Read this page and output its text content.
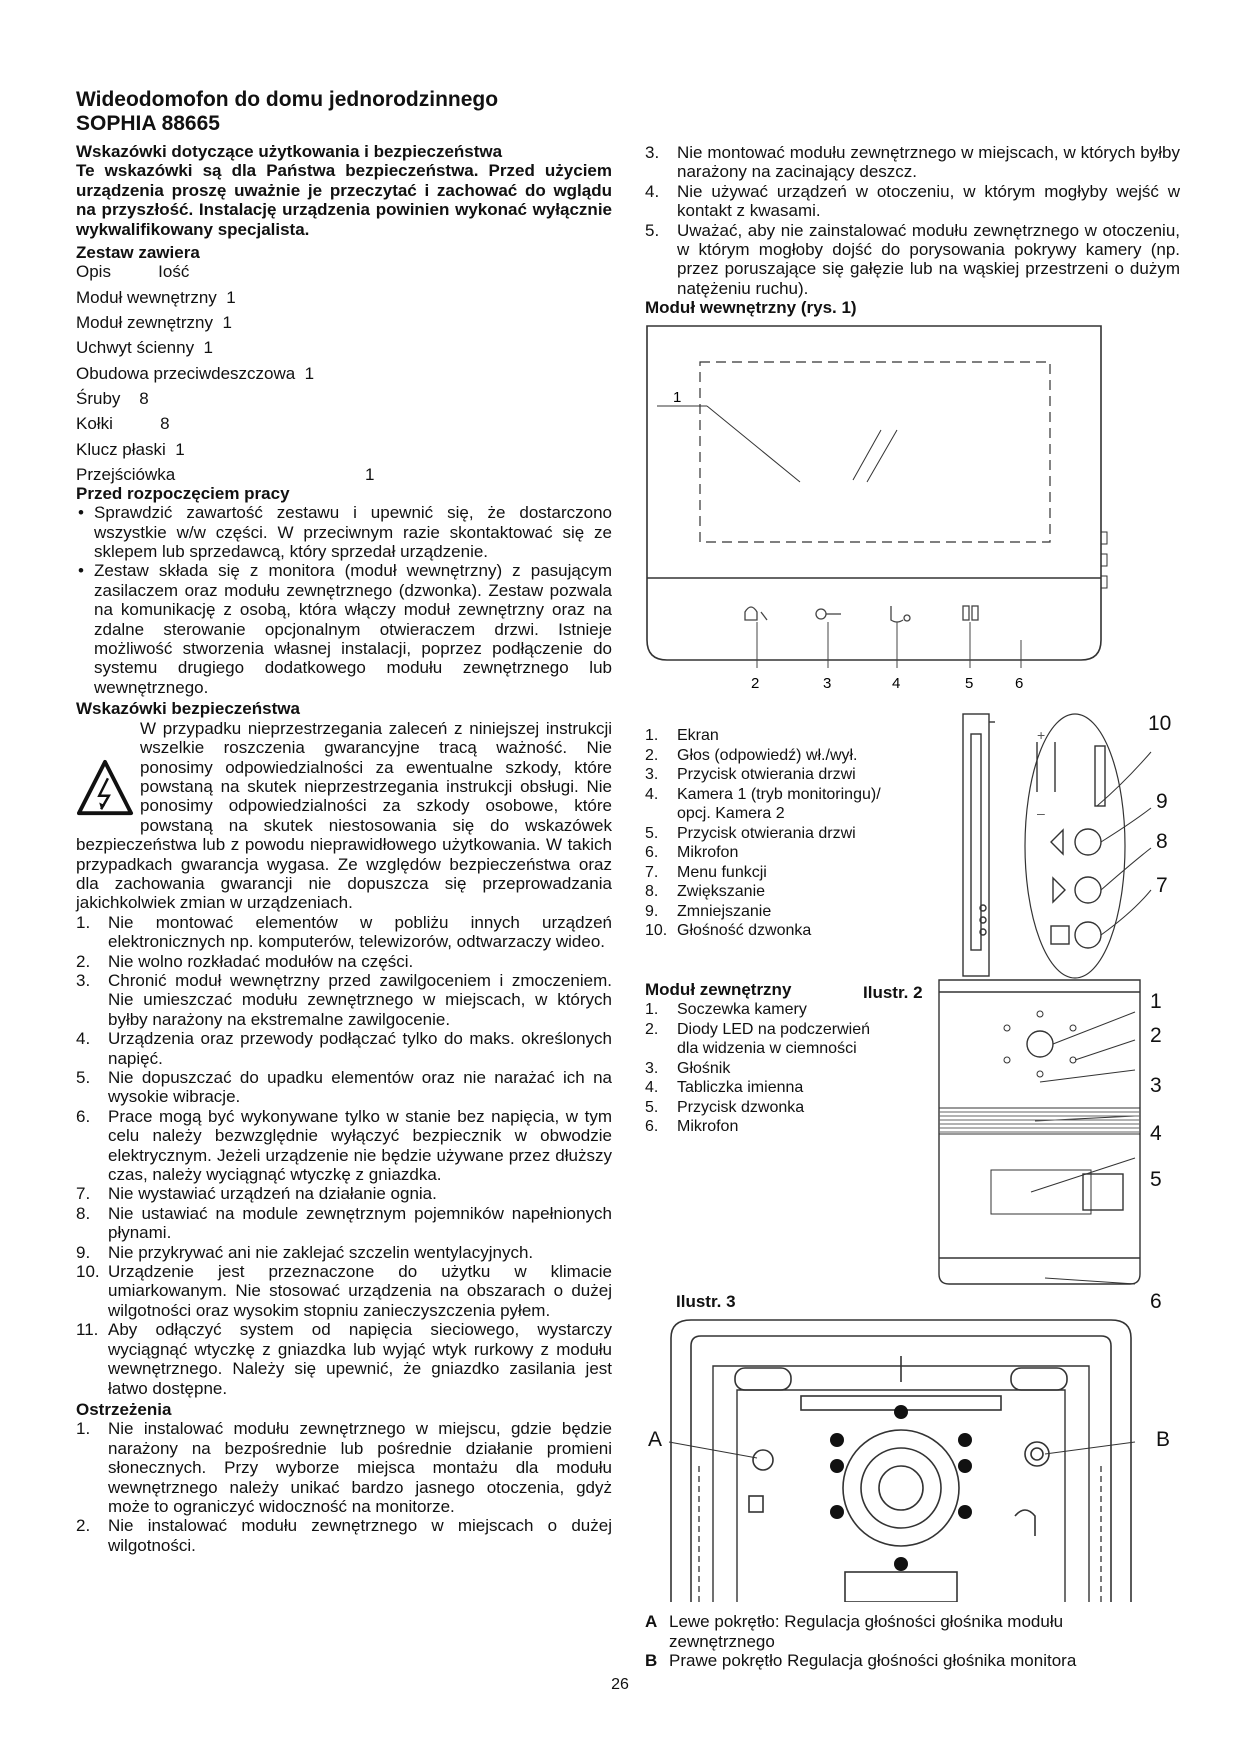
Wideodomofon do domu jednorodzinnego
SOPHIA 88665

Wskazówki dotyczące użytkowania i bezpieczeństwa

Te wskazówki są dla Państwa bezpieczeństwa. Przed użyciem urządzenia proszę uważnie je przeczytać i zachować do wglądu na przyszłość. Instalację urządzenia powinien wykonać wyłącznie wykwalifikowany specjalista.

Zestaw zawiera

Opis          Iość
Moduł wewnętrzny  1
Moduł zewnętrzny  1
Uchwyt ścienny  1
Obudowa przeciwdeszczowa  1
Śruby    8
Kołki          8
Klucz płaski  1
Przejściówka	1

Przed rozpoczęciem pracy

• Sprawdzić zawartość zestawu i upewnić się, że dostarczono wszystkie w/w części. W przeciwnym razie skontaktować się ze sklepem lub sprzedawcą, który sprzedał urządzenie.
• Zestaw składa się z monitora (moduł wewnętrzny) z pasującym zasilaczem oraz modułu zewnętrznego (dzwonka). Zestaw pozwala na komunikację z osobą, która włączy moduł zewnętrzny oraz na zdalne sterowanie opcjonalnym otwieraczem drzwi. Istnieje możliwość stworzenia własnej instalacji, poprzez podłączenie do systemu drugiego dodatkowego modułu zewnętrznego lub wewnętrznego.

Wskazówki bezpieczeństwa

W przypadku nieprzestrzegania zaleceń z niniejszej instrukcji wszelkie roszczenia gwarancyjne tracą ważność. Nie ponosimy odpowiedzialności za ewentualne szkody, które powstaną na skutek nieprzestrzegania instrukcji obsługi. Nie ponosimy odpowiedzialności za szkody osobowe, które powstaną na skutek niestosowania się do wskazówek bezpieczeństwa lub z powodu nieprawidłowego użytkowania. W takich przypadkach gwarancja wygasa. Ze względów bezpieczeństwa oraz dla zachowania gwarancji nie dopuszcza się przeprowadzania jakichkolwiek zmian w urządzeniach.

1. Nie montować elementów w pobliżu innych urządzeń elektronicznych np. komputerów, telewizorów, odtwarzaczy wideo.
2. Nie wolno rozkładać modułów na części.
3. Chronić moduł wewnętrzny przed zawilgoceniem i zmoczeniem. Nie umieszczać modułu zewnętrznego w miejscach, w których byłby narażony na ekstremalne zawilgocenie.
4. Urządzenia oraz przewody podłączać tylko do maks. określonych napięć.
5. Nie dopuszczać do upadku elementów oraz nie narażać ich na wysokie wibracje.
6. Prace mogą być wykonywane tylko w stanie bez napięcia, w tym celu należy bezwzględnie wyłączyć bezpiecznik w obwodzie elektrycznym. Jeżeli urządzenie nie będzie używane przez dłuższy czas, należy wyciągnąć wtyczkę z gniazdka.
7. Nie wystawiać urządzeń na działanie ognia.
8. Nie ustawiać na module zewnętrznym pojemników napełnionych płynami.
9. Nie przykrywać ani nie zaklejać szczelin wentylacyjnych.
10. Urządzenie jest przeznaczone do użytku w klimacie umiarkowanym. Nie stosować urządzenia na obszarach o dużej wilgotności oraz wysokim stopniu zanieczyszczenia pyłem.
11. Aby odłączyć system od napięcia sieciowego, wystarczy wyciągnąć wtyczkę z gniazdka lub wyjąć wtyk rurkowy z modułu wewnętrznego. Należy się upewnić, że gniazdko zasilania jest łatwo dostępne.

Ostrzeżenia

1. Nie instalować modułu zewnętrznego w miejscu, gdzie będzie narażony na bezpośrednie lub pośrednie działanie promieni słonecznych. Przy wyborze miejsca montażu dla modułu wewnętrznego należy unikać bardzo jasnego otoczenia, gdyż może to ograniczyć widoczność na monitorze.
2. Nie instalować modułu zewnętrznego w miejscach o dużej wilgotności.
3. Nie montować modułu zewnętrznego w miejscach, w których byłby narażony na zacinający deszcz.
4. Nie używać urządzeń w otoczeniu, w którym mogłyby wejść w kontakt z kwasami.
5. Uważać, aby nie zainstalować modułu zewnętrznego w otoczeniu, w którym mogłoby dojść do porysowania pokrywy kamery (np. przez poruszające się gałęzie lub na wąskiej przestrzeni o dużym natężeniu ruchu).

Moduł wewnętrzny (rys. 1)

1
2	3	4	5	6
+
–
10
9
8
7
1. Ekran
2. Głos (odpowiedź) wł./wył.
3. Przycisk otwierania drzwi
4. Kamera 1 (tryb monitoringu)/
opcj. Kamera 2
5. Przycisk otwierania drzwi
6. Mikrofon
7. Menu funkcji
8. Zwiększanie
9. Zmniejszanie
10. Głośność dzwonka
Moduł zewnętrzny	Ilustr. 2
1. Soczewka kamery
2. Diody LED na podczerwień
dla widzenia w ciemności
3. Głośnik
4. Tabliczka imienna
5. Przycisk dzwonka
6. Mikrofon
1
2
3
4
5
6
Ilustr. 3
A	B
A Lewe pokrętło: Regulacja głośności głośnika modułu zewnętrznego
B Prawe pokrętło Regulacja głośności głośnika monitora
26
